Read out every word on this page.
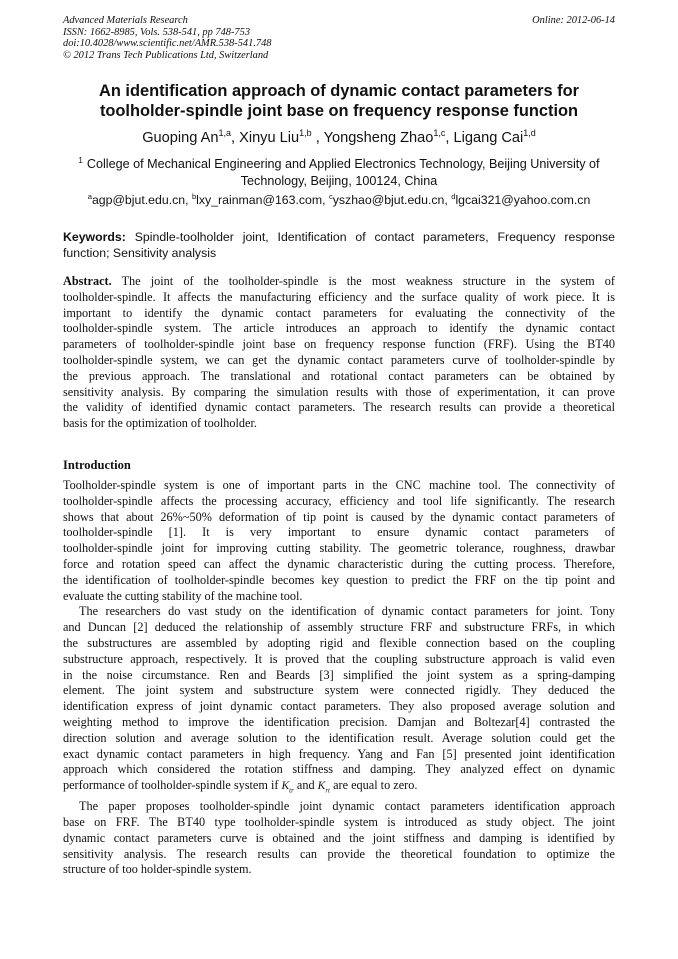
Advanced Materials Research
ISSN: 1662-8985, Vols. 538-541, pp 748-753
doi:10.4028/www.scientific.net/AMR.538-541.748
© 2012 Trans Tech Publications Ltd, Switzerland
Online: 2012-06-14
An identification approach of dynamic contact parameters for
toolholder-spindle joint base on frequency response function
Guoping An$^{1,a}$, Xinyu Liu$^{1,b}$ , Yongsheng Zhao$^{1,c}$, Ligang Cai$^{1,d}$
$^1$ College of Mechanical Engineering and Applied Electronics Technology, Beijing University of
Technology, Beijing, 100124, China
$^a$agp@bjut.edu.cn, $^b$lxy_rainman@163.com, $^c$yszhao@bjut.edu.cn, $^d$lgcai321@yahoo.com.cn
Keywords: Spindle-toolholder joint, Identification of contact parameters, Frequency response function; Sensitivity analysis
Abstract. The joint of the toolholder-spindle is the most weakness structure in the system of
toolholder-spindle. It affects the manufacturing efficiency and the surface quality of work piece. It is
important to identify the dynamic contact parameters for evaluating the connectivity of the
toolholder-spindle system. The article introduces an approach to identify the dynamic contact
parameters of toolholder-spindle joint base on frequency response function (FRF). Using the BT40
toolholder-spindle system, we can get the dynamic contact parameters curve of toolholder-spindle by
the previous approach. The translational and rotational contact parameters can be obtained by
sensitivity analysis. By comparing the simulation results with those of experimentation, it can prove
the validity of identified dynamic contact parameters. The research results can provide a theoretical
basis for the optimization of toolholder.
Introduction
Toolholder-spindle system is one of important parts in the CNC machine tool. The connectivity of
toolholder-spindle affects the processing accuracy, efficiency and tool life significantly. The research
shows that about 26%~50% deformation of tip point is caused by the dynamic contact parameters of
toolholder-spindle [1]. It is very important to ensure dynamic contact parameters of
toolholder-spindle joint for improving cutting stability. The geometric tolerance, roughness, drawbar
force and rotation speed can affect the dynamic characteristic during the cutting process. Therefore,
the identification of toolholder-spindle becomes key question to predict the FRF on the tip point and
evaluate the cutting stability of the machine tool.
The researchers do vast study on the identification of dynamic contact parameters for joint. Tony
and Duncan [2] deduced the relationship of assembly structure FRF and substructure FRFs, in which
the substructures are assembled by adopting rigid and flexible connection based on the coupling
substructure approach, respectively. It is proved that the coupling substructure approach is valid even
in the noise circumstance. Ren and Beards [3] simplified the joint system as a spring-damping
element. The joint system and substructure system were connected rigidly. They deduced the
identification express of joint dynamic contact parameters. They also proposed average solution and
weighting method to improve the identification precision. Damjan and Boltezar[4] contrasted the
direction solution and average solution to the identification result. Average solution could get the
exact dynamic contact parameters in high frequency. Yang and Fan [5] presented joint identification
approach which considered the rotation stiffness and damping. They analyzed effect on dynamic
performance of toolholder-spindle system if $K_{tr}$ and $K_{rt}$ are equal to zero.
The paper proposes toolholder-spindle joint dynamic contact parameters identification approach
base on FRF. The BT40 type toolholder-spindle system is introduced as study object. The joint
dynamic contact parameters curve is obtained and the joint stiffness and damping is identified by
sensitivity analysis. The research results can provide the theoretical foundation to optimize the
structure of too holder-spindle system.
